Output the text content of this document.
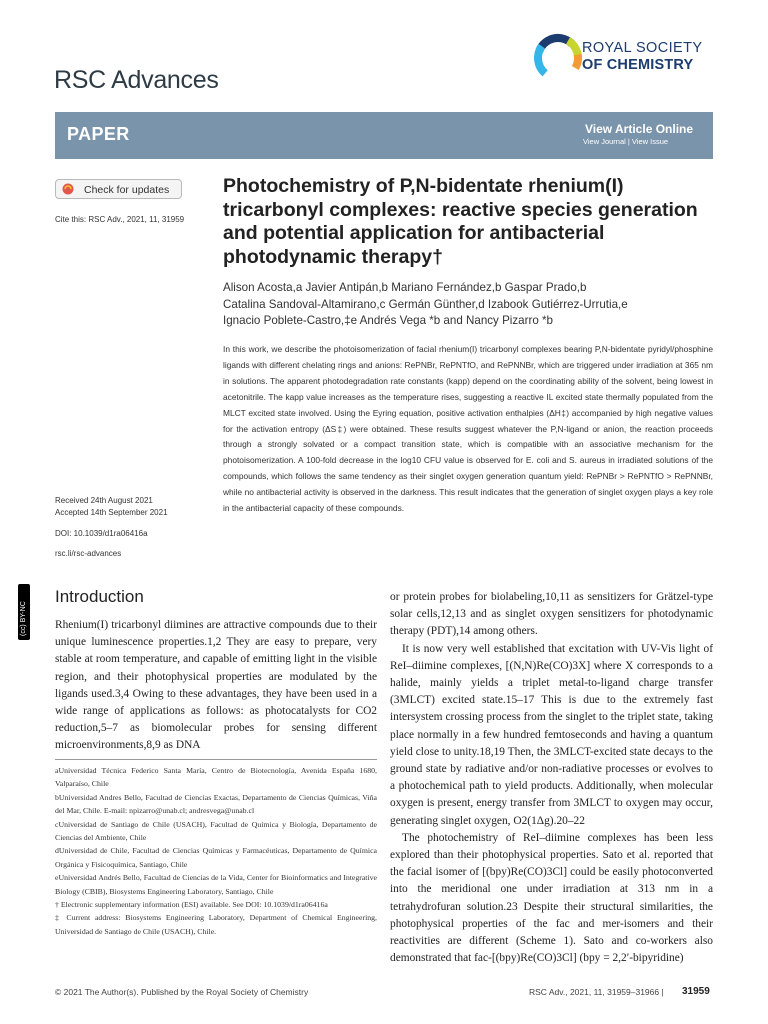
RSC Advances
ROYAL SOCIETY
OF CHEMISTRY
PAPER	View Article Online
View Journal | View Issue
Check for updates
Cite this: RSC Adv., 2021, 11, 31959
Photochemistry of P,N-bidentate rhenium(I) tricarbonyl complexes: reactive species generation and potential application for antibacterial photodynamic therapy†
Alison Acosta,a Javier Antipán,b Mariano Fernández,b Gaspar Prado,b
Catalina Sandoval-Altamirano,c Germán Günther,d Izabook Gutiérrez-Urrutia,e
Ignacio Poblete-Castro,‡e Andrés Vega *b and Nancy Pizarro *b
In this work, we describe the photoisomerization of facial rhenium(I) tricarbonyl complexes bearing P,N-bidentate pyridyl/phosphine ligands with different chelating rings and anions: RePNBr, RePNTfO, and RePNNBr, which are triggered under irradiation at 365 nm in solutions. The apparent photodegradation rate constants (kapp) depend on the coordinating ability of the solvent, being lowest in acetonitrile. The kapp value increases as the temperature rises, suggesting a reactive IL excited state thermally populated from the MLCT excited state involved. Using the Eyring equation, positive activation enthalpies (ΔH‡) accompanied by high negative values for the activation entropy (ΔS‡) were obtained. These results suggest whatever the P,N-ligand or anion, the reaction proceeds through a strongly solvated or a compact transition state, which is compatible with an associative mechanism for the photoisomerization. A 100-fold decrease in the log10 CFU value is observed for E. coli and S. aureus in irradiated solutions of the compounds, which follows the same tendency as their singlet oxygen generation quantum yield: RePNBr > RePNTfO > RePNNBr, while no antibacterial activity is observed in the darkness. This result indicates that the generation of singlet oxygen plays a key role in the antibacterial capacity of these compounds.
Received 24th August 2021
Accepted 14th September 2021
DOI: 10.1039/d1ra06416a
rsc.li/rsc-advances
(cc) BY-NC
Introduction

Rhenium(I) tricarbonyl diimines are attractive compounds due to their unique luminescence properties.1,2 They are easy to prepare, very stable at room temperature, and capable of emitting light in the visible region, and their photophysical properties are modulated by the ligands used.3,4 Owing to these advantages, they have been used in a wide range of applications as follows: as photocatalysts for CO2 reduction,5–7 as biomolecular probes for sensing different microenvironments,8,9 as DNA

aUniversidad Técnica Federico Santa María, Centro de Biotecnología, Avenida España 1680, Valparaíso, Chile
bUniversidad Andres Bello, Facultad de Ciencias Exactas, Departamento de Ciencias Químicas, Viña del Mar, Chile. E-mail: npizarro@unab.cl; andresvega@unab.cl
cUniversidad de Santiago de Chile (USACH), Facultad de Química y Biología, Departamento de Ciencias del Ambiente, Chile
dUniversidad de Chile, Facultad de Ciencias Químicas y Farmacéuticas, Departamento de Química Orgánica y Fisicoquímica, Santiago, Chile
eUniversidad Andrés Bello, Facultad de Ciencias de la Vida, Center for Bioinformatics and Integrative Biology (CBIB), Biosystems Engineering Laboratory, Santiago, Chile
† Electronic supplementary information (ESI) available. See DOI: 10.1039/d1ra06416a
‡ Current address: Biosystems Engineering Laboratory, Department of Chemical Engineering, Universidad de Santiago de Chile (USACH), Chile.

or protein probes for biolabeling,10,11 as sensitizers for Grätzel-type solar cells,12,13 and as singlet oxygen sensitizers for photodynamic therapy (PDT),14 among others.

It is now very well established that excitation with UV-Vis light of ReI–diimine complexes, [(N,N)Re(CO)3X] where X corresponds to a halide, mainly yields a triplet metal-to-ligand charge transfer (3MLCT) excited state.15–17 This is due to the extremely fast intersystem crossing process from the singlet to the triplet state, taking place normally in a few hundred femtoseconds and having a quantum yield close to unity.18,19 Then, the 3MLCT-excited state decays to the ground state by radiative and/or non-radiative processes or evolves to a photochemical path to yield products. Additionally, when molecular oxygen is present, energy transfer from 3MLCT to oxygen may occur, generating singlet oxygen, O2(1Δg).20–22

The photochemistry of ReI–diimine complexes has been less explored than their photophysical properties. Sato et al. reported that the facial isomer of [(bpy)Re(CO)3Cl] could be easily photoconverted into the meridional one under irradiation at 313 nm in a tetrahydrofuran solution.23 Despite their structural similarities, the photophysical properties of the fac and mer-isomers and their reactivities are different (Scheme 1). Sato and co-workers also demonstrated that fac-[(bpy)Re(CO)3Cl] (bpy = 2,2′-bipyridine)

© 2021 The Author(s). Published by the Royal Society of Chemistry	RSC Adv., 2021, 11, 31959–31966 | 31959
